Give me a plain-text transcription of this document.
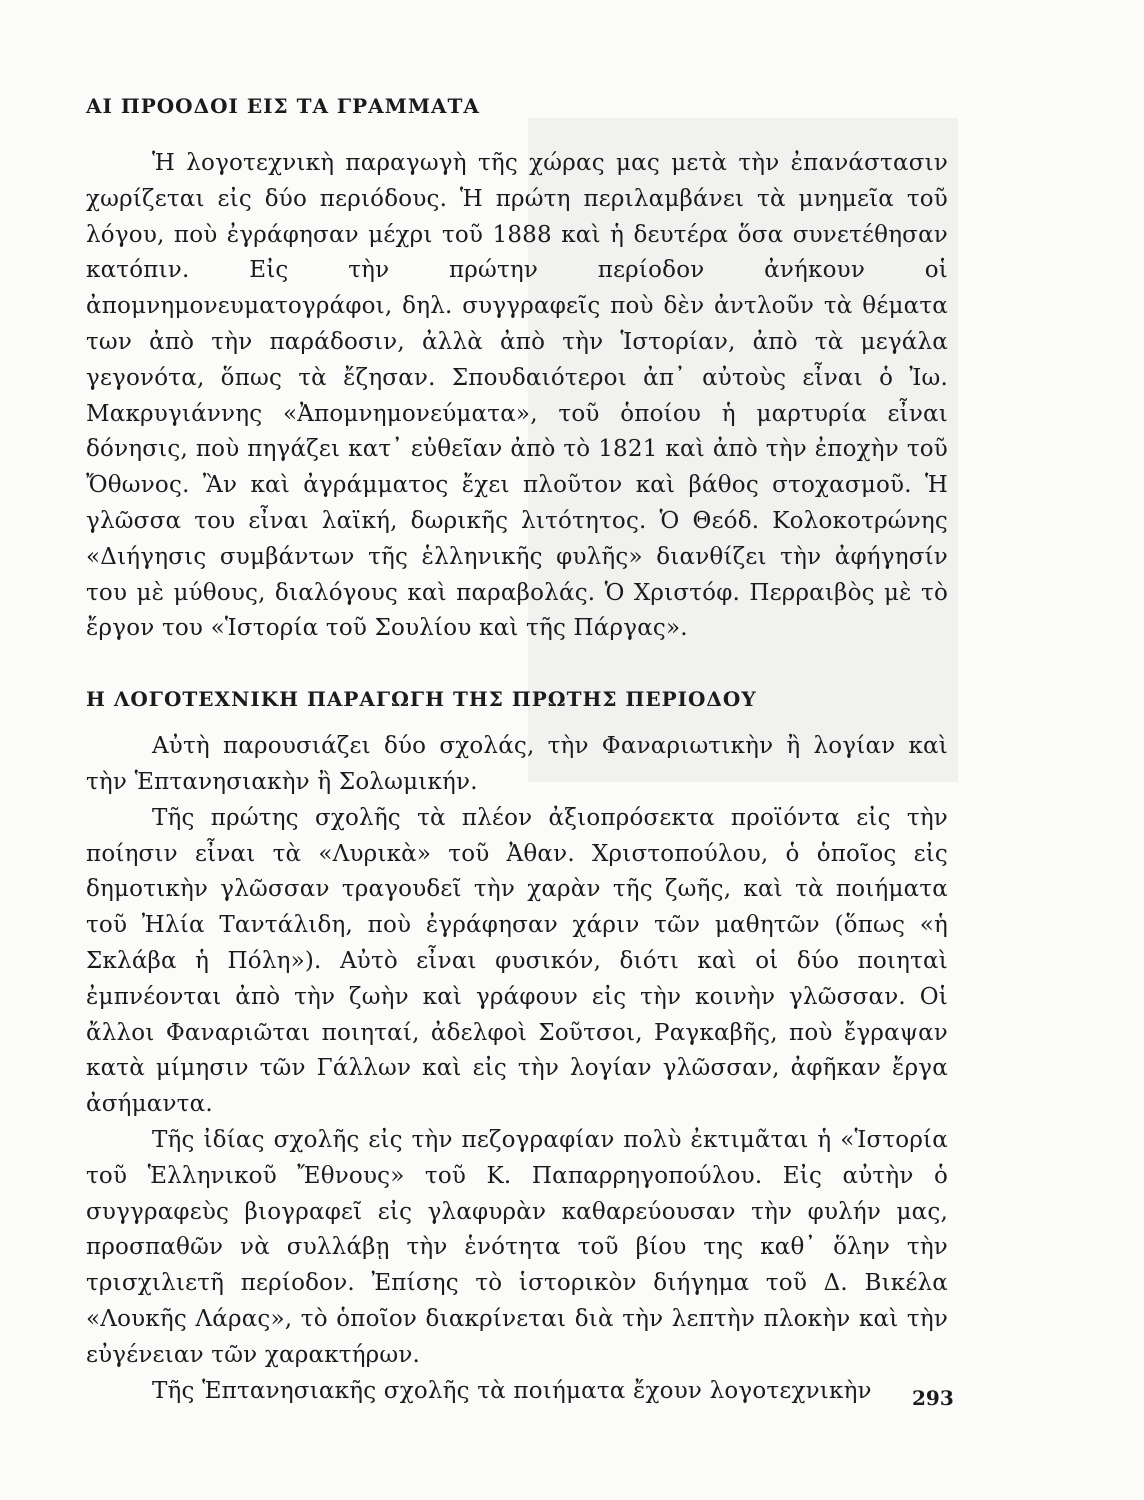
ΑΙ ΠΡΟΟΔΟΙ ΕΙΣ ΤΑ ΓΡΑΜΜΑΤΑ

Ἡ λογοτεχνικὴ παραγωγὴ τῆς χώρας μας μετὰ τὴν ἐπανάστασιν χωρίζεται εἰς δύο περιόδους. Ἡ πρώτη περιλαμβάνει τὰ μνημεῖα τοῦ λόγου, ποὺ ἐγράφησαν μέχρι τοῦ 1888 καὶ ἡ δευτέρα ὅσα συνετέθησαν κατόπιν. Εἰς τὴν πρώτην περίοδον ἀνήκουν οἱ ἀπομνημονευματογράφοι, δηλ. συγγραφεῖς ποὺ δὲν ἀντλοῦν τὰ θέματα των ἀπὸ τὴν παράδοσιν, ἀλλὰ ἀπὸ τὴν Ἱστορίαν, ἀπὸ τὰ μεγάλα γεγονότα, ὅπως τὰ ἔζησαν. Σπουδαιότεροι ἀπ᾽ αὐτοὺς εἶναι ὁ Ἰω. Μακρυγιάννης «Ἀπομνημονεύματα», τοῦ ὁποίου ἡ μαρτυρία εἶναι δόνησις, ποὺ πηγάζει κατ᾽ εὐθεῖαν ἀπὸ τὸ 1821 καὶ ἀπὸ τὴν ἐποχὴν τοῦ Ὄθωνος. Ἂν καὶ ἀγράμματος ἔχει πλοῦτον καὶ βάθος στοχασμοῦ. Ἡ γλῶσσα του εἶναι λαϊκή, δωρικῆς λιτότητος. Ὁ Θεόδ. Κολοκοτρώνης «Διήγησις συμβάντων τῆς ἑλληνικῆς φυλῆς» διανθίζει τὴν ἀφήγησίν του μὲ μύθους, διαλόγους καὶ παραβολάς. Ὁ Χριστόφ. Περραιβὸς μὲ τὸ ἔργον του «Ἱστορία τοῦ Σουλίου καὶ τῆς Πάργας».

Η ΛΟΓΟΤΕΧΝΙΚΗ ΠΑΡΑΓΩΓΗ ΤΗΣ ΠΡΩΤΗΣ ΠΕΡΙΟΔΟΥ

Αὐτὴ παρουσιάζει δύο σχολάς, τὴν Φαναριωτικὴν ἢ λογίαν καὶ τὴν Ἑπτανησιακὴν ἢ Σολωμικήν.

Τῆς πρώτης σχολῆς τὰ πλέον ἀξιοπρόσεκτα προϊόντα εἰς τὴν ποίησιν εἶναι τὰ «Λυρικὰ» τοῦ Ἀθαν. Χριστοπούλου, ὁ ὁποῖος εἰς δημοτικὴν γλῶσσαν τραγουδεῖ τὴν χαρὰν τῆς ζωῆς, καὶ τὰ ποιήματα τοῦ Ἠλία Ταντάλιδη, ποὺ ἐγράφησαν χάριν τῶν μαθητῶν (ὅπως «ἡ Σκλάβα ἡ Πόλη»). Αὐτὸ εἶναι φυσικόν, διότι καὶ οἱ δύο ποιηταὶ ἐμπνέονται ἀπὸ τὴν ζωὴν καὶ γράφουν εἰς τὴν κοινὴν γλῶσσαν. Οἱ ἄλλοι Φαναριῶται ποιηταί, ἀδελφοὶ Σοῦτσοι, Ραγκαβῆς, ποὺ ἔγραψαν κατὰ μίμησιν τῶν Γάλλων καὶ εἰς τὴν λογίαν γλῶσσαν, ἀφῆκαν ἔργα ἀσήμαντα.

Τῆς ἰδίας σχολῆς εἰς τὴν πεζογραφίαν πολὺ ἐκτιμᾶται ἡ «Ἱστορία τοῦ Ἑλληνικοῦ Ἔθνους» τοῦ Κ. Παπαρρηγοπούλου. Εἰς αὐτὴν ὁ συγγραφεὺς βιογραφεῖ εἰς γλαφυρὰν καθαρεύουσαν τὴν φυλήν μας, προσπαθῶν νὰ συλλάβῃ τὴν ἑνότητα τοῦ βίου της καθ᾽ ὅλην τὴν τρισχιλιετῆ περίοδον. Ἐπίσης τὸ ἱστορικὸν διήγημα τοῦ Δ. Βικέλα «Λουκῆς Λάρας», τὸ ὁποῖον διακρίνεται διὰ τὴν λεπτὴν πλοκὴν καὶ τὴν εὐγένειαν τῶν χαρακτήρων.

Τῆς Ἑπτανησιακῆς σχολῆς τὰ ποιήματα ἔχουν λογοτεχνικὴν	293
